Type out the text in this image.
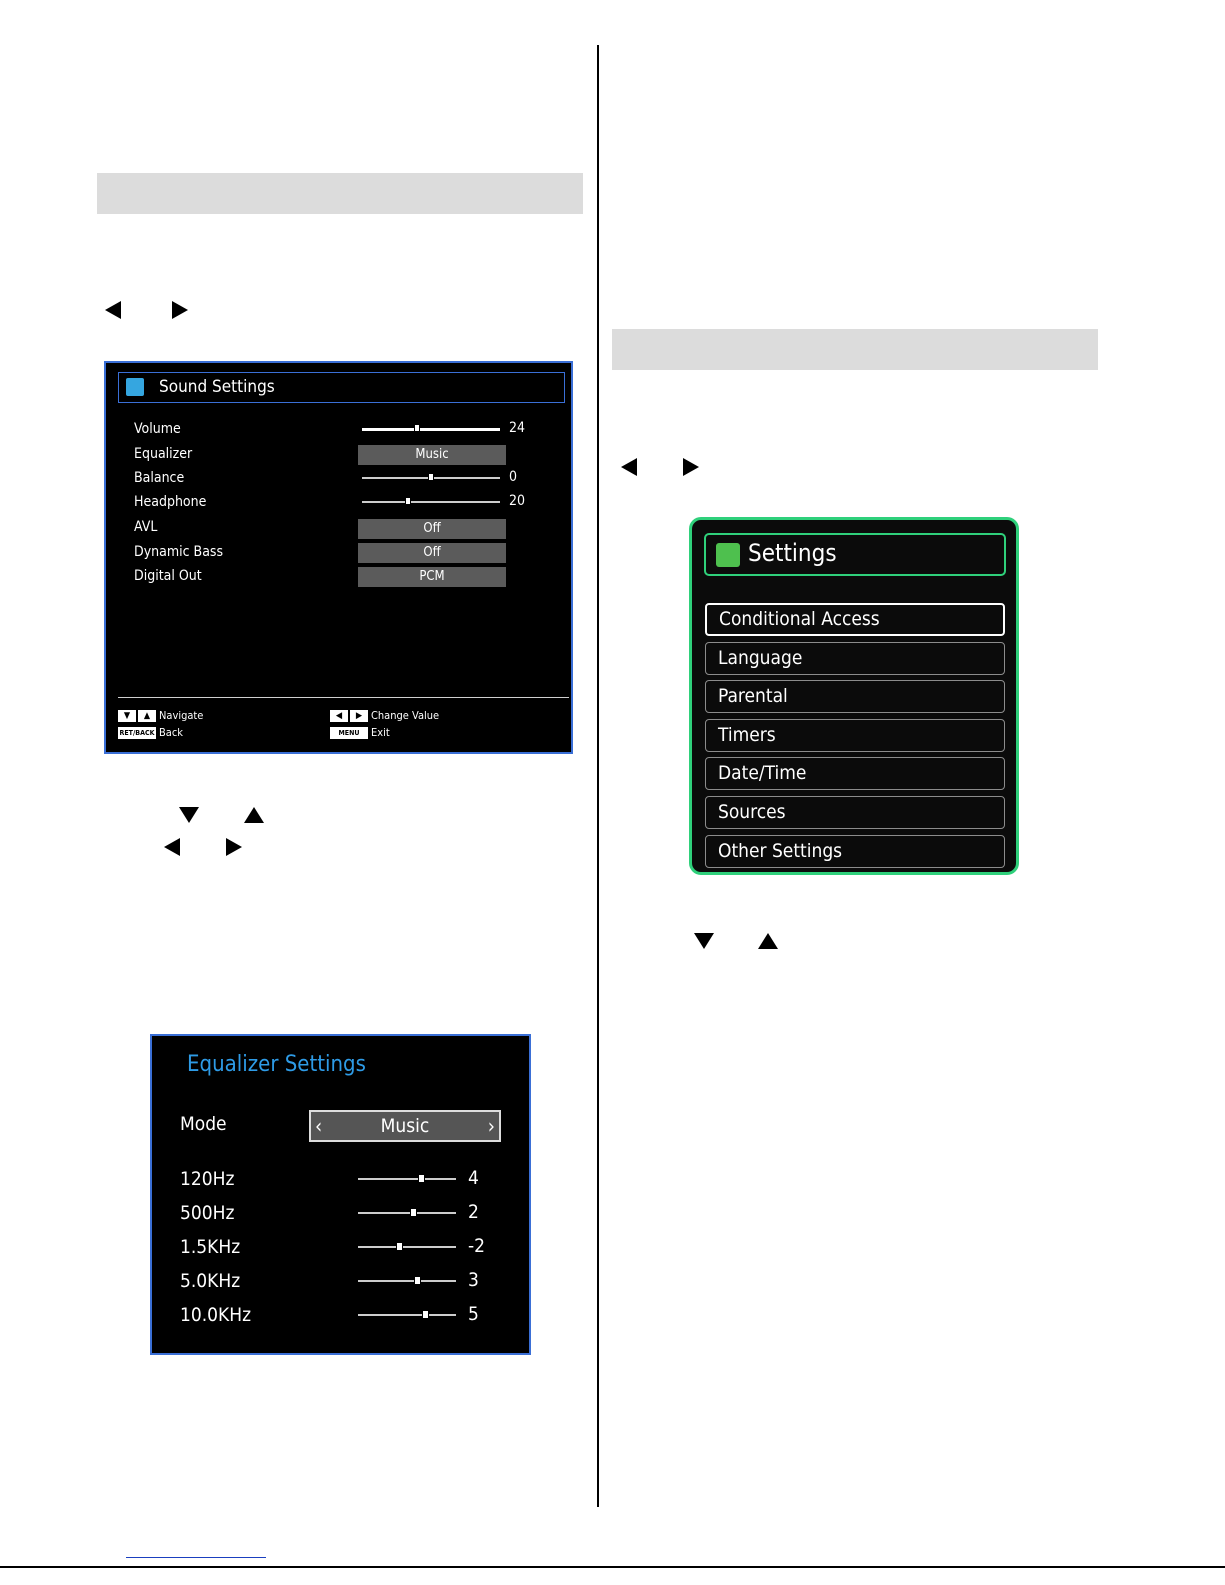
Sound Settings
Volume	24
Equalizer	Music
Balance	0
Headphone	20
AVL	Off
Dynamic Bass	Off
Digital Out	PCM
▼	▲ Navigate
RET/BACK Back
◀	▶ Change Value
MENU	Exit
Settings
Conditional Access
Language
Parental
Timers
Date/Time
Sources
Other Settings
Equalizer Settings
Mode	‹	Music	›
120Hz	4
500Hz	2
1.5KHz	-2
5.0KHz	3
10.0KHz	5
